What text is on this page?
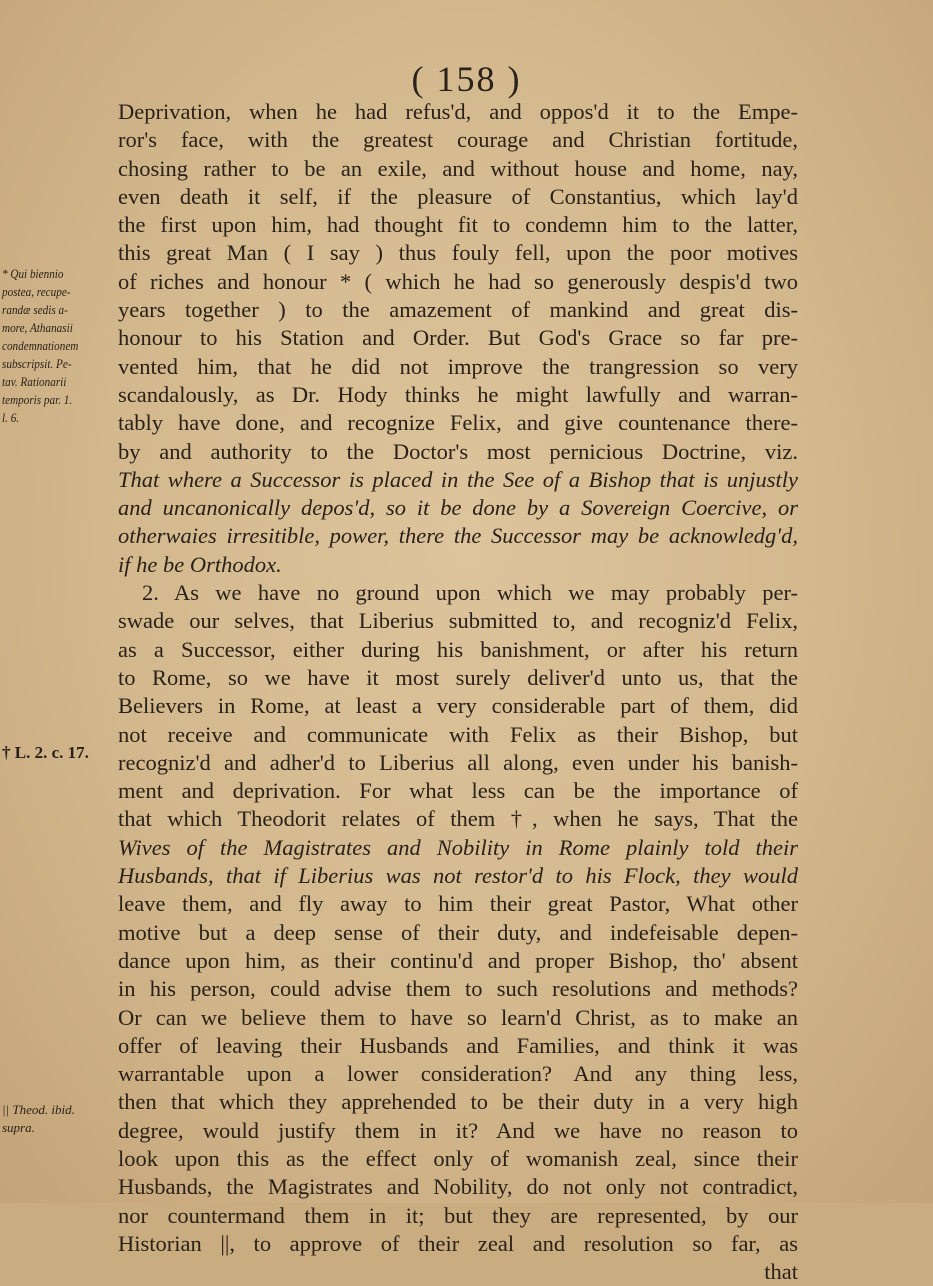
( 158 )
Deprivation, when he had refus'd, and oppos'd it to the Empe-
ror's face, with the greatest courage and Christian fortitude,
chosing rather to be an exile, and without house and home, nay,
even death it self, if the pleasure of Constantius, which lay'd
the first upon him, had thought fit to condemn him to the latter,
this great Man ( I say ) thus fouly fell, upon the poor motives
of riches and honour * ( which he had so generously despis'd two
years together ) to the amazement of mankind and great dis-
honour to his Station and Order. But God's Grace so far pre-
vented him, that he did not improve the trangression so very
scandalously, as Dr. Hody thinks he might lawfully and warran-
tably have done, and recognize Felix, and give countenance there-
by and authority to the Doctor's most pernicious Doctrine, viz.
That where a Successor is placed in the See of a Bishop that is unjustly
and uncanonically depos'd, so it be done by a Sovereign Coercive, or
otherwaies irresitible, power, there the Successor may be acknowledg'd,
if he be Orthodox.
2. As we have no ground upon which we may probably per-
swade our selves, that Liberius submitted to, and recogniz'd Felix,
as a Successor, either during his banishment, or after his return
to Rome, so we have it most surely deliver'd unto us, that the
Believers in Rome, at least a very considerable part of them, did
not receive and communicate with Felix as their Bishop, but
recogniz'd and adher'd to Liberius all along, even under his banish-
ment and deprivation. For what less can be the importance of
that which Theodorit relates of them †, when he says, That the
Wives of the Magistrates and Nobility in Rome plainly told their
Husbands, that if Liberius was not restor'd to his Flock, they would
leave them, and fly away to him their great Pastor, What other
motive but a deep sense of their duty, and indefeisable depen-
dance upon him, as their continu'd and proper Bishop, tho' absent
in his person, could advise them to such resolutions and methods?
Or can we believe them to have so learn'd Christ, as to make an
offer of leaving their Husbands and Families, and think it was
warrantable upon a lower consideration? And any thing less,
then that which they apprehended to be their duty in a very high
degree, would justify them in it? And we have no reason to
look upon this as the effect only of womanish zeal, since their
Husbands, the Magistrates and Nobility, do not only not contradict,
nor countermand them in it; but they are represented, by our
Historian ||, to approve of their zeal and resolution so far, as
that
* Qui biennio
postea, recupe-
randæ sedis a-
more, Athanasii
condemnationem
subscripsit. Pe-
tav. Rationarii
temporis par. 1.
l. 6.
† L. 2. c. 17.
|| Theod. ibid.
supra.
